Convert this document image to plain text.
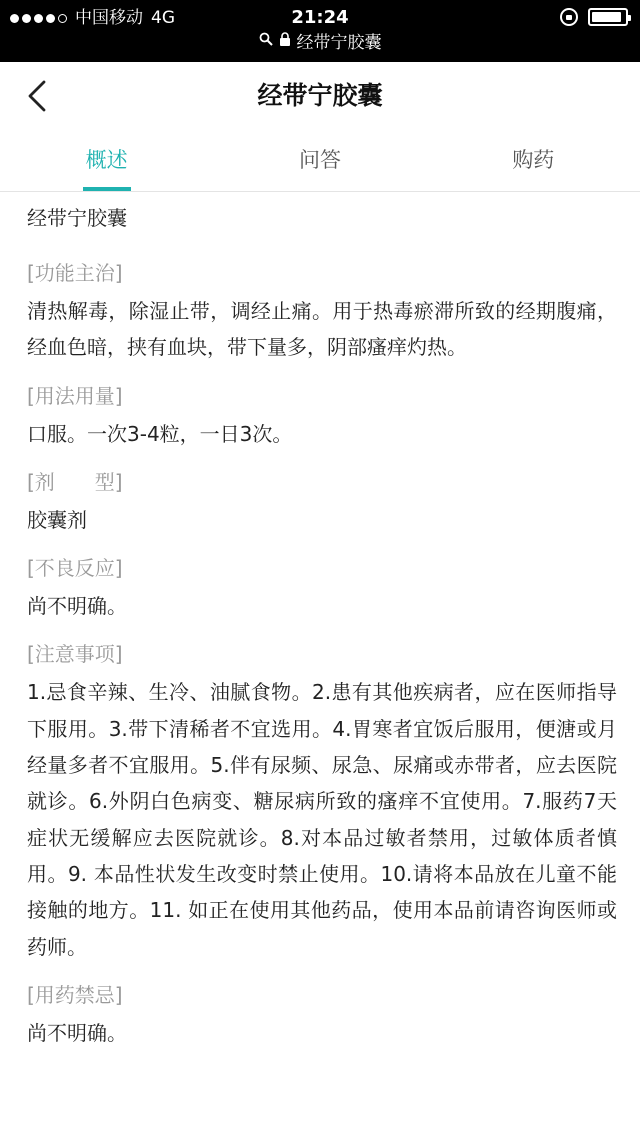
中国移动 4G	21:24
经带宁胶囊
经带宁胶囊
概述	问答	购药
经带宁胶囊
[功能主治]
清热解毒，除湿止带，调经止痛。用于热毒瘀滞所致的经期腹痛，经血色暗，挟有血块，带下量多，阴部瘙痒灼热。
[用法用量]
口服。一次3-4粒，一日3次。
[剂　　型]
胶囊剂
[不良反应]
尚不明确。
[注意事项]
1.忌食辛辣、生冷、油腻食物。2.患有其他疾病者，应在医师指导下服用。3.带下清稀者不宜选用。4.胃寒者宜饭后服用，便溏或月经量多者不宜服用。5.伴有尿频、尿急、尿痛或赤带者，应去医院就诊。6.外阴白色病变、糖尿病所致的瘙痒不宜使用。7.服药7天症状无缓解应去医院就诊。8.对本品过敏者禁用，过敏体质者慎用。9. 本品性状发生改变时禁止使用。10.请将本品放在儿童不能接触的地方。11. 如正在使用其他药品，使用本品前请咨询医师或药师。
[用药禁忌]
尚不明确。
